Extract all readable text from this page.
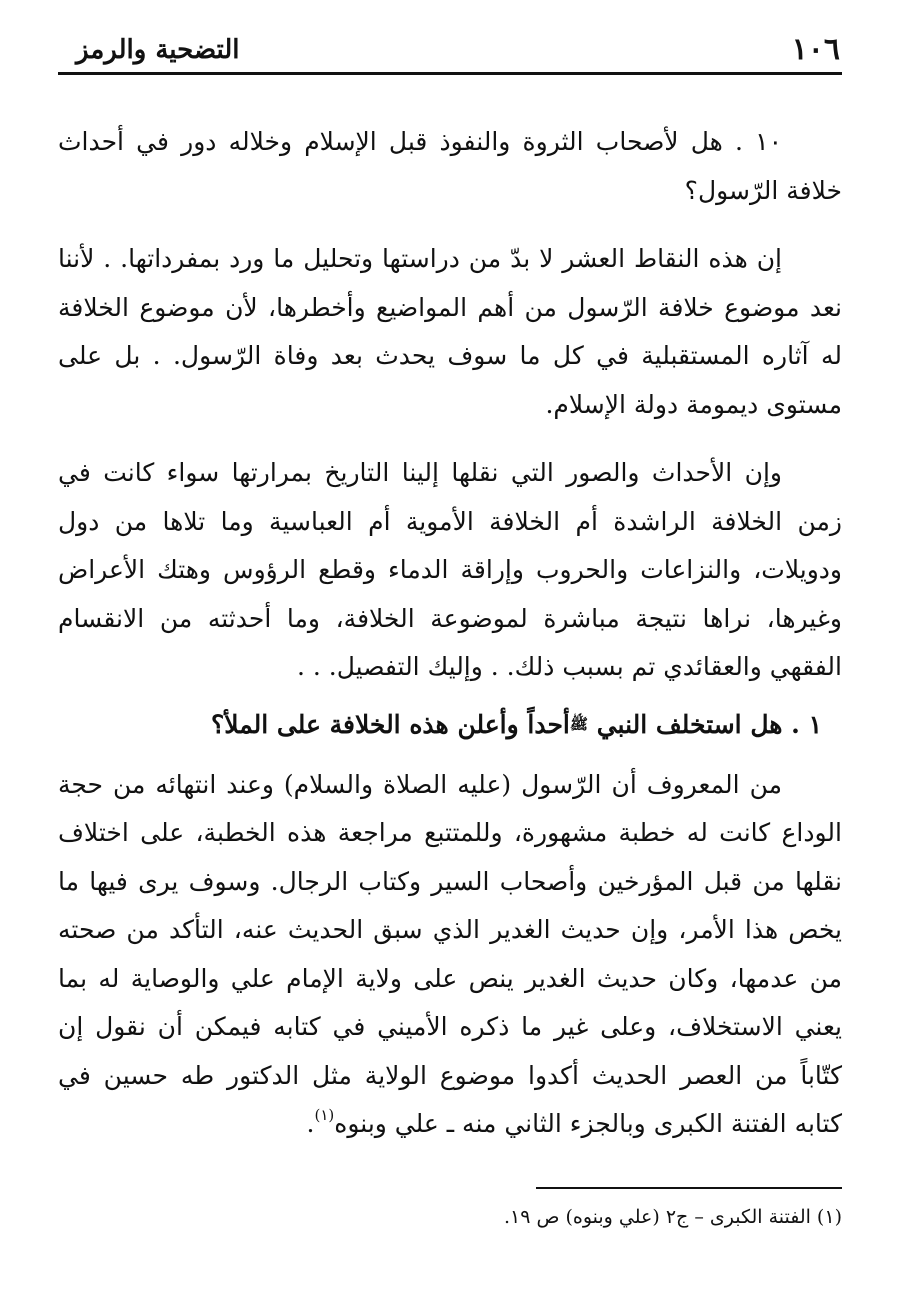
١٠٦
التضحية والرمز

١٠ . هل لأصحاب الثروة والنفوذ قبل الإسلام وخلاله دور في أحداث خلافة الرّسول؟

إن هذه النقاط العشر لا بدّ من دراستها وتحليل ما ورد بمفرداتها. . لأننا نعد موضوع خلافة الرّسول من أهم المواضيع وأخطرها، لأن موضوع الخلافة له آثاره المستقبلية في كل ما سوف يحدث بعد وفاة الرّسول. . بل على مستوى ديمومة دولة الإسلام.

وإن الأحداث والصور التي نقلها إلينا التاريخ بمرارتها سواء كانت في زمن الخلافة الراشدة أم الخلافة الأموية أم العباسية وما تلاها من دول ودويلات، والنزاعات والحروب وإراقة الدماء وقطع الرؤوس وهتك الأعراض وغيرها، نراها نتيجة مباشرة لموضوعة الخلافة، وما أحدثته من الانقسام الفقهي والعقائدي تم بسبب ذلك. . وإليك التفصيل. . .

١ . هل استخلف النبي ﷺأحداً وأعلن هذه الخلافة على الملأ؟

من المعروف أن الرّسول (عليه الصلاة والسلام) وعند انتهائه من حجة الوداع كانت له خطبة مشهورة، وللمتتبع مراجعة هذه الخطبة، على اختلاف نقلها من قبل المؤرخين وأصحاب السير وكتاب الرجال. وسوف يرى فيها ما يخص هذا الأمر، وإن حديث الغدير الذي سبق الحديث عنه، التأكد من صحته من عدمها، وكان حديث الغدير ينص على ولاية الإمام علي والوصاية له بما يعني الاستخلاف، وعلى غير ما ذكره الأميني في كتابه فيمكن أن نقول إن كتّاباً من العصر الحديث أكدوا موضوع الولاية مثل الدكتور طه حسين في كتابه الفتنة الكبرى وبالجزء الثاني منه ـ علي وبنوه$^{(١)}$.

(١) الفتنة الكبرى – ج٢ (علي وبنوه) ص ١٩.
